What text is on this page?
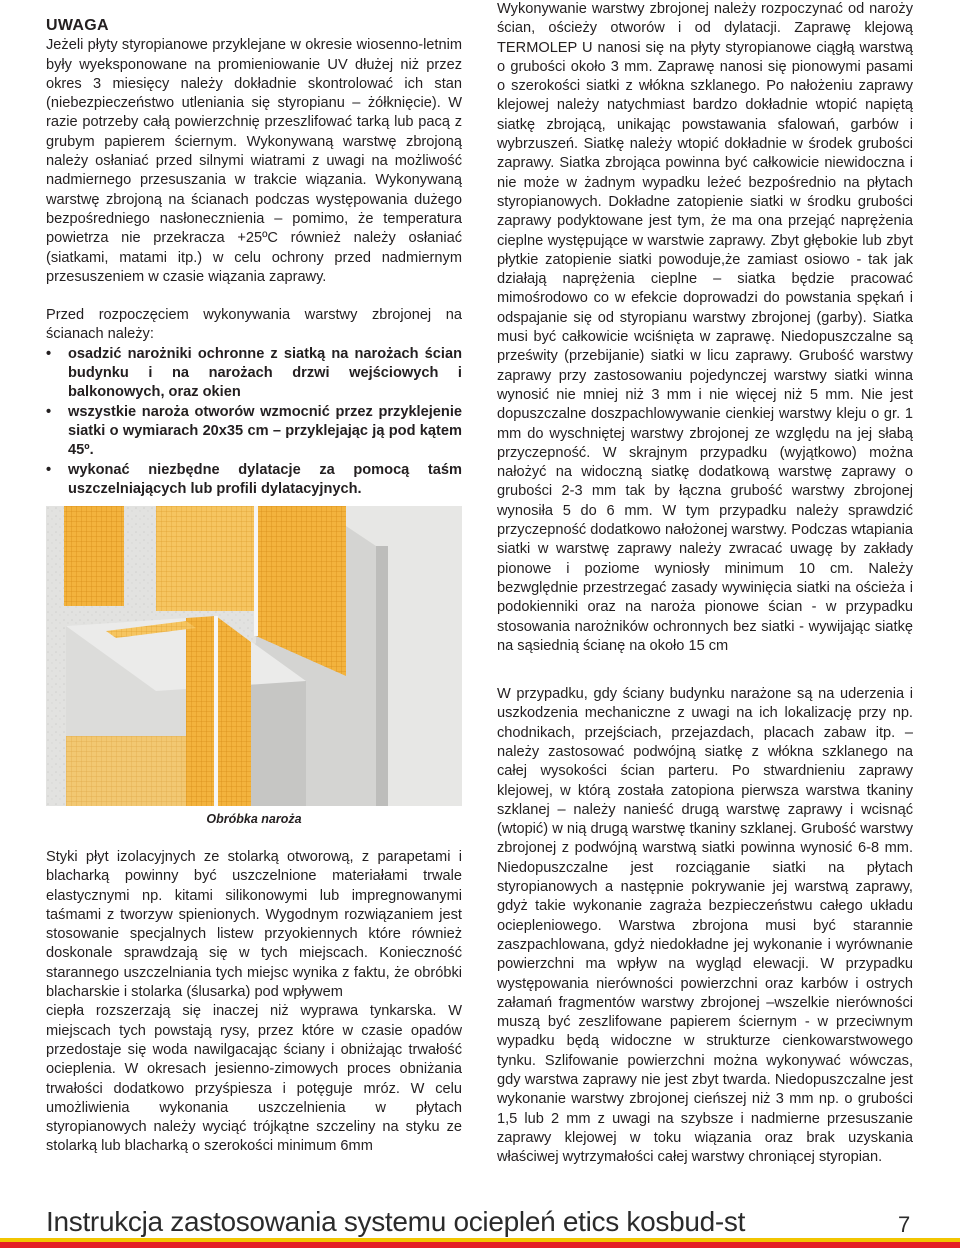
UWAGA

Jeżeli płyty styropianowe przyklejane w okresie wiosenno-letnim były wyeksponowane na promieniowanie UV dłużej niż przez okres 3 miesięcy należy dokładnie skontrolować ich stan (niebezpieczeństwo utleniania się styropianu – żółknięcie). W razie potrzeby całą powierzchnię przeszlifować tarką lub pacą z grubym papierem ściernym. Wykonywaną warstwę zbrojoną należy osłaniać przed silnymi wiatrami z uwagi na możliwość nadmiernego przesuszania w trakcie wiązania. Wykonywaną warstwę zbrojoną na ścianach podczas występowania dużego bezpośredniego nasłonecznienia – pomimo, że temperatura powietrza nie przekracza +25ºC również należy osłaniać (siatkami, matami itp.) w celu ochrony przed nadmiernym przesuszeniem w czasie wiązania zaprawy.

Przed rozpoczęciem wykonywania warstwy zbrojonej na ścianach należy:

• osadzić narożniki ochronne z siatką na narożach ścian budynku i na narożach drzwi wejściowych i balkonowych, oraz okien
• wszystkie naroża otworów wzmocnić przez przyklejenie siatki o wymiarach 20x35 cm – przyklejając ją pod kątem 45º.
• wykonać niezbędne dylatacje za pomocą taśm uszczelniających lub profili dylatacyjnych.
Obróbka naroża

Styki płyt izolacyjnych ze stolarką otworową, z parapetami i blacharką powinny być uszczelnione materiałami trwale elastycznymi np. kitami silikonowymi lub impregnowanymi taśmami z tworzyw spienionych. Wygodnym rozwiązaniem jest stosowanie specjalnych listew przyokiennych które również doskonale sprawdzają się w tych miejscach. Konieczność starannego uszczelniania tych miejsc wynika z faktu, że obróbki blacharskie i stolarka (ślusarka) pod wpływem

ciepła rozszerzają się inaczej niż wyprawa tynkarska. W miejscach tych powstają rysy, przez które w czasie opadów przedostaje się woda nawilgacając ściany i obniżając trwałość ocieplenia. W okresach jesienno-zimowych proces obniżania trwałości dodatkowo przyśpiesza i potęguje mróz. W celu umożliwienia wykonania uszczelnienia w płytach styropianowych należy wyciąć trójkątne szczeliny na styku ze stolarką lub blacharką o szerokości minimum 6mm

Wykonywanie warstwy zbrojonej należy rozpoczynać od naroży ścian, ościeży otworów i od dylatacji. Zaprawę klejową TERMOLEP U nanosi się na płyty styropianowe ciągłą warstwą o grubości około 3 mm. Zaprawę nanosi się pionowymi pasami o szerokości siatki z włókna szklanego. Po nałożeniu zaprawy klejowej należy natychmiast bardzo dokładnie wtopić napiętą siatkę zbrojącą, unikając powstawania sfalowań, garbów i wybrzuszeń. Siatkę należy wtopić dokładnie w środek grubości zaprawy. Siatka zbrojąca powinna być całkowicie niewidoczna i nie może w żadnym wypadku leżeć bezpośrednio na płytach styropianowych. Dokładne zatopienie siatki w środku grubości zaprawy podyktowane jest tym, że ma ona przejąć naprężenia cieplne występujące w warstwie zaprawy. Zbyt głębokie lub zbyt płytkie zatopienie siatki powoduje,że zamiast osiowo - tak jak działają naprężenia cieplne – siatka będzie pracować mimośrodowo co w efekcie doprowadzi do powstania spękań i odspajanie się od styropianu warstwy zbrojonej (garby). Siatka musi być całkowicie wciśnięta w zaprawę. Niedopuszczalne są prześwity (przebijanie) siatki w licu zaprawy. Grubość warstwy zaprawy przy zastosowaniu pojedynczej warstwy siatki winna wynosić nie mniej niż 3 mm i nie więcej niż 5 mm. Nie jest dopuszczalne doszpachlowywanie cienkiej warstwy kleju o gr. 1 mm do wyschniętej warstwy zbrojonej ze względu na jej słabą przyczepność. W skrajnym przypadku (wyjątkowo) można nałożyć na widoczną siatkę dodatkową warstwę zaprawy o grubości 2-3 mm tak by łączna grubość warstwy zbrojonej wynosiła 5 do 6 mm. W tym przypadku należy sprawdzić przyczepność dodatkowo nałożonej warstwy. Podczas wtapiania siatki w warstwę zaprawy należy zwracać uwagę by zakłady pionowe i poziome wyniosły minimum 10 cm. Należy bezwględnie przestrzegać zasady wywinięcia siatki na ościeża i podokienniki oraz na naroża pionowe ścian - w przypadku stosowania narożników ochronnych bez siatki - wywijając siatkę na sąsiednią ścianę na około 15 cm

W przypadku, gdy ściany budynku narażone są na uderzenia i uszkodzenia mechaniczne z uwagi na ich lokalizację przy np. chodnikach, przejściach, przejazdach, placach zabaw itp. – należy zastosować podwójną siatkę z włókna szklanego na całej wysokości ścian parteru. Po stwardnieniu zaprawy klejowej, w którą została zatopiona pierwsza warstwa tkaniny szklanej – należy nanieść drugą warstwę zaprawy i wcisnąć (wtopić) w nią drugą warstwę tkaniny szklanej. Grubość warstwy zbrojonej z podwójną warstwą siatki powinna wynosić 6-8 mm. Niedopuszczalne jest rozciąganie siatki na płytach styropianowych a następnie pokrywanie jej warstwą zaprawy, gdyż takie wykonanie zagraża bezpieczeństwu całego układu ociepleniowego. Warstwa zbrojona musi być starannie zaszpachlowana, gdyż niedokładne jej wykonanie i wyrównanie powierzchni ma wpływ na wygląd elewacji. W przypadku występowania nierówności powierzchni oraz karbów i ostrych załamań fragmentów warstwy zbrojonej –wszelkie nierówności muszą być zeszlifowane papierem ściernym - w przeciwnym wypadku będą widoczne w strukturze cienkowarstwowego tynku. Szlifowanie powierzchni można wykonywać wówczas, gdy warstwa zaprawy nie jest zbyt twarda. Niedopuszczalne jest wykonanie warstwy zbrojonej cieńszej niż 3 mm np. o grubości 1,5 lub 2 mm z uwagi na szybsze i nadmierne przesuszanie zaprawy klejowej w toku wiązania oraz brak uzyskania właściwej wytrzymałości całej warstwy chroniącej styropian.

Instrukcja zastosowania systemu ociepleń etics kosbud-st	7
